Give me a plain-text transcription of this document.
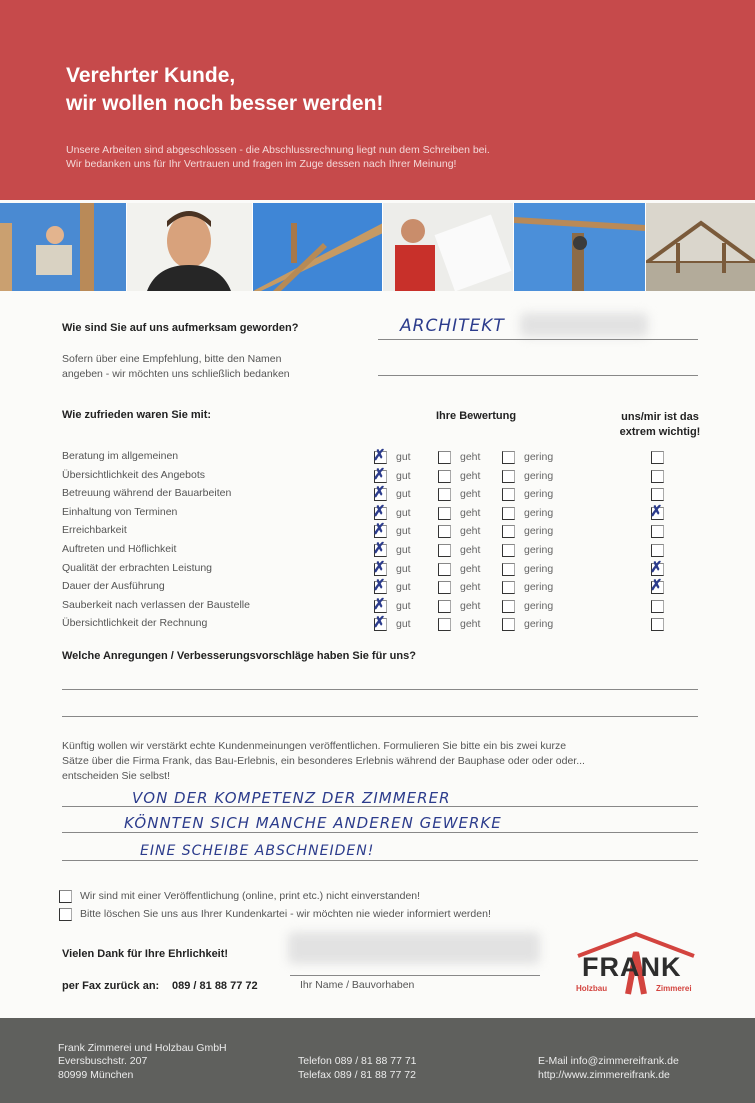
Verehrter Kunde,
wir wollen noch besser werden!
Unsere Arbeiten sind abgeschlossen - die Abschlussrechnung liegt nun dem Schreiben bei.
Wir bedanken uns für Ihr Vertrauen und fragen im Zuge dessen nach Ihrer Meinung!
Wie sind Sie auf uns aufmerksam geworden?	ARCHITEKT
Sofern über eine Empfehlung, bitte den Namen
angeben - wir möchten uns schließlich bedanken
Wie zufrieden waren Sie mit:	Ihre Bewertung	uns/mir ist das
extrem wichtig!
Beratung im allgemeinen	✗ gut	geht	gering
Übersichtlichkeit des Angebots	✗ gut	geht	gering
Betreuung während der Bauarbeiten	✗ gut	geht	gering
Einhaltung von Terminen	✗ gut	geht	gering	✗
Erreichbarkeit	✗ gut	geht	gering
Auftreten und Höflichkeit	✗ gut	geht	gering
Qualität der erbrachten Leistung	✗ gut	geht	gering	✗
Dauer der Ausführung	✗ gut	geht	gering	✗
Sauberkeit nach verlassen der Baustelle	✗ gut	geht	gering
Übersichtlichkeit der Rechnung	✗ gut	geht	gering
Welche Anregungen / Verbesserungsvorschläge haben Sie für uns?
Künftig wollen wir verstärkt echte Kundenmeinungen veröffentlichen. Formulieren Sie bitte ein bis zwei kurze
Sätze über die Firma Frank, das Bau-Erlebnis, ein besonderes Erlebnis während der Bauphase oder oder oder...
entscheiden Sie selbst!
VON DER KOMPETENZ DER ZIMMERER
KÖNNTEN SICH MANCHE ANDEREN GEWERKE
EINE SCHEIBE ABSCHNEIDEN!
Wir sind mit einer Veröffentlichung (online, print etc.) nicht einverstanden!
Bitte löschen Sie uns aus Ihrer Kundenkartei - wir möchten nie wieder informiert werden!
Vielen Dank für Ihre Ehrlichkeit!
per Fax zurück an: 089 / 81 88 77 72	Ihr Name / Bauvorhaben
FRANK
Holzbau	Zimmerei
Frank Zimmerei und Holzbau GmbH
Eversbuschstr. 207
80999 München
Telefon 089 / 81 88 77 71
Telefax 089 / 81 88 77 72
E-Mail info@zimmereifrank.de
http://www.zimmereifrank.de
